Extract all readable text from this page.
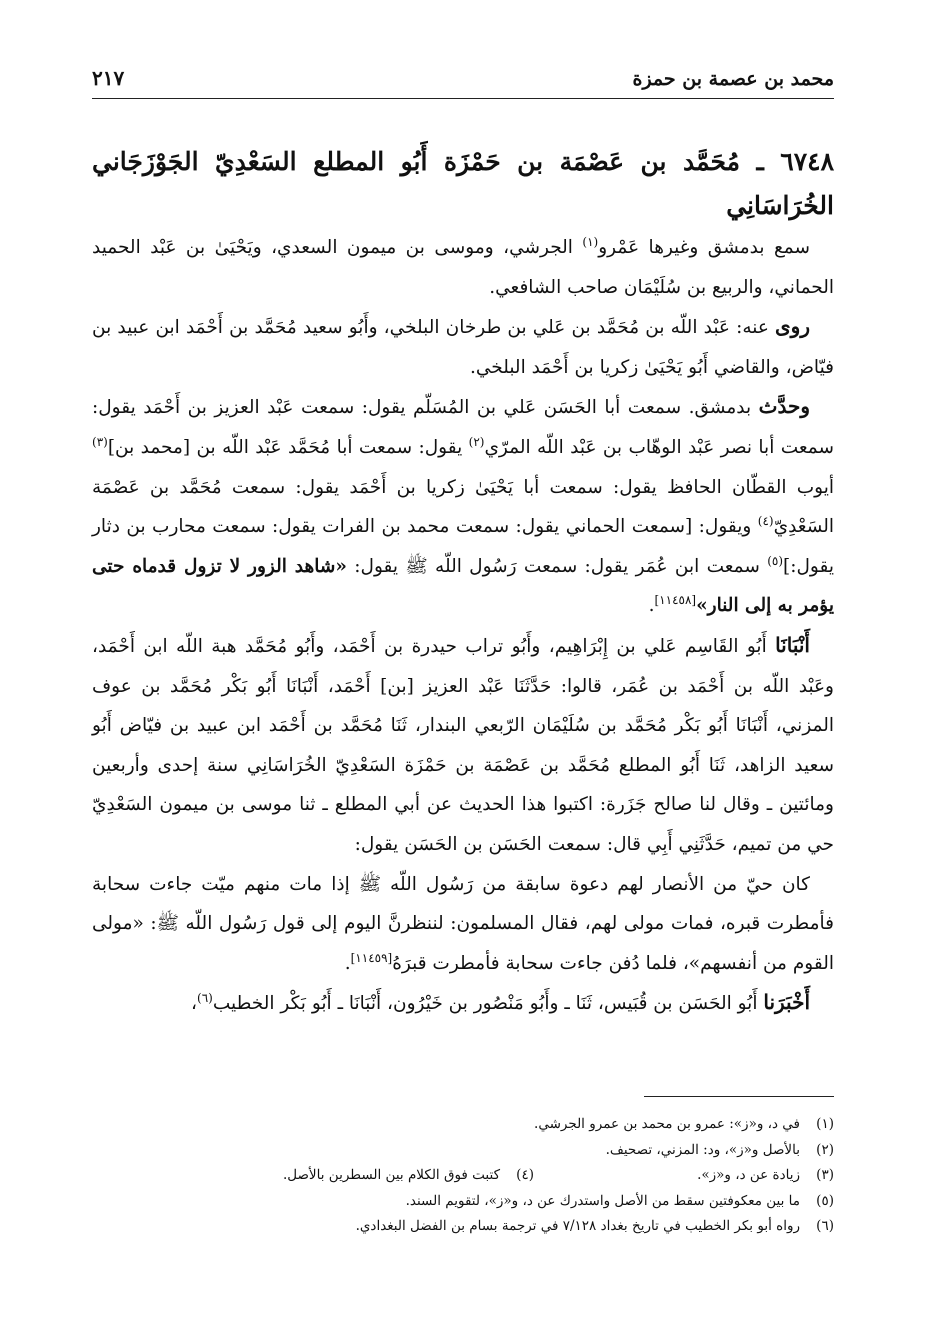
محمد بن عصمة بن حمزة
٢١٧

٦٧٤٨ ـ مُحَمَّد بن عَصْمَة بن حَمْزَة أَبُو المطلع السَعْدِيّ الجَوْزَجَاني الخُرَاسَانِي

سمع بدمشق وغيرها عَمْرو$^{(١)}$ الجرشي، وموسى بن ميمون السعدي، ويَحْيَىٰ بن عَبْد الحميد الحماني، والربيع بن سُلَيْمَان صاحب الشافعي.

روى عنه: عَبْد اللّه بن مُحَمَّد بن عَلي بن طرخان البلخي، وأَبُو سعيد مُحَمَّد بن أَحْمَد ابن عبيد بن فيّاض، والقاضي أَبُو يَحْيَىٰ زكريا بن أَحْمَد البلخي.

وحدَّث بدمشق. سمعت أبا الحَسَن عَلي بن المُسَلّم يقول: سمعت عَبْد العزيز بن أَحْمَد يقول: سمعت أبا نصر عَبْد الوهّاب بن عَبْد اللّه المرّي$^{(٢)}$ يقول: سمعت أبا مُحَمَّد عَبْد اللّه بن [محمد بن]$^{(٣)}$ أيوب القطّان الحافظ يقول: سمعت أبا يَحْيَىٰ زكريا بن أَحْمَد يقول: سمعت مُحَمَّد بن عَصْمَة السَعْدِيّ$^{(٤)}$ ويقول: [سمعت الحماني يقول: سمعت محمد بن الفرات يقول: سمعت محارب بن دثار يقول:]$^{(٥)}$ سمعت ابن عُمَر يقول: سمعت رَسُول اللّه ﷺ يقول: «شاهد الزور لا تزول قدماه حتى يؤمر به إلى النار»[١١٤٥٨].

أَنْبَانَا أَبُو القَاسِم عَلي بن إِبْرَاهِيم، وأَبُو تراب حيدرة بن أَحْمَد، وأَبُو مُحَمَّد هبة اللّه ابن أَحْمَد، وعَبْد اللّه بن أَحْمَد بن عُمَر، قالوا: حَدَّثَنَا عَبْد العزيز [بن] أَحْمَد، أَنْبَانَا أَبُو بَكْر مُحَمَّد بن عوف المزني، أَنْبَانَا أَبُو بَكْر مُحَمَّد بن سُلَيْمَان الرّبعي البندار، ثَنَا مُحَمَّد بن أَحْمَد ابن عبيد بن فيّاض أَبُو سعيد الزاهد، ثَنَا أَبُو المطلع مُحَمَّد بن عَصْمَة بن حَمْزَة السَعْدِيّ الخُرَاسَانِي سنة إحدى وأربعين ومائتين ـ وقال لنا صالح جَزَرة: اكتبوا هذا الحديث عن أبي المطلع ـ ثنا موسى بن ميمون السَعْدِيّ حي من تميم، حَدَّثَنِي أَبِي قال: سمعت الحَسَن بن الحَسَن يقول:

كان حيّ من الأنصار لهم دعوة سابقة من رَسُول اللّه ﷺ إذا مات منهم ميّت جاءت سحابة فأمطرت قبره، فمات مولى لهم، فقال المسلمون: لننظرنَّ اليوم إلى قول رَسُول اللّه ﷺ: «مولى القوم من أنفسهم»، فلما دُفن جاءت سحابة فأمطرت قبرَهُ[١١٤٥٩].

أَخْبَرَنا أَبُو الحَسَن بن قُبَيس، ثَنَا ـ وأَبُو مَنْصُور بن خَيْرُون، أَنْبَانَا ـ أَبُو بَكْر الخطيب$^{(٦)}$،

(١)في د، و«ز»: عمرو بن محمد بن عمرو الجرشي.

(٢)بالأصل و«ز»، ود: المزني، تصحيف.

(٣)زيادة عن د، و«ز».

(٤)كتبت فوق الكلام بين السطرين بالأصل.

(٥)ما بين معكوفتين سقط من الأصل واستدرك عن د، و«ز»، لتقويم السند.

(٦)رواه أبو بكر الخطيب في تاريخ بغداد ٧/١٢٨ في ترجمة بسام بن الفضل البغدادي.
